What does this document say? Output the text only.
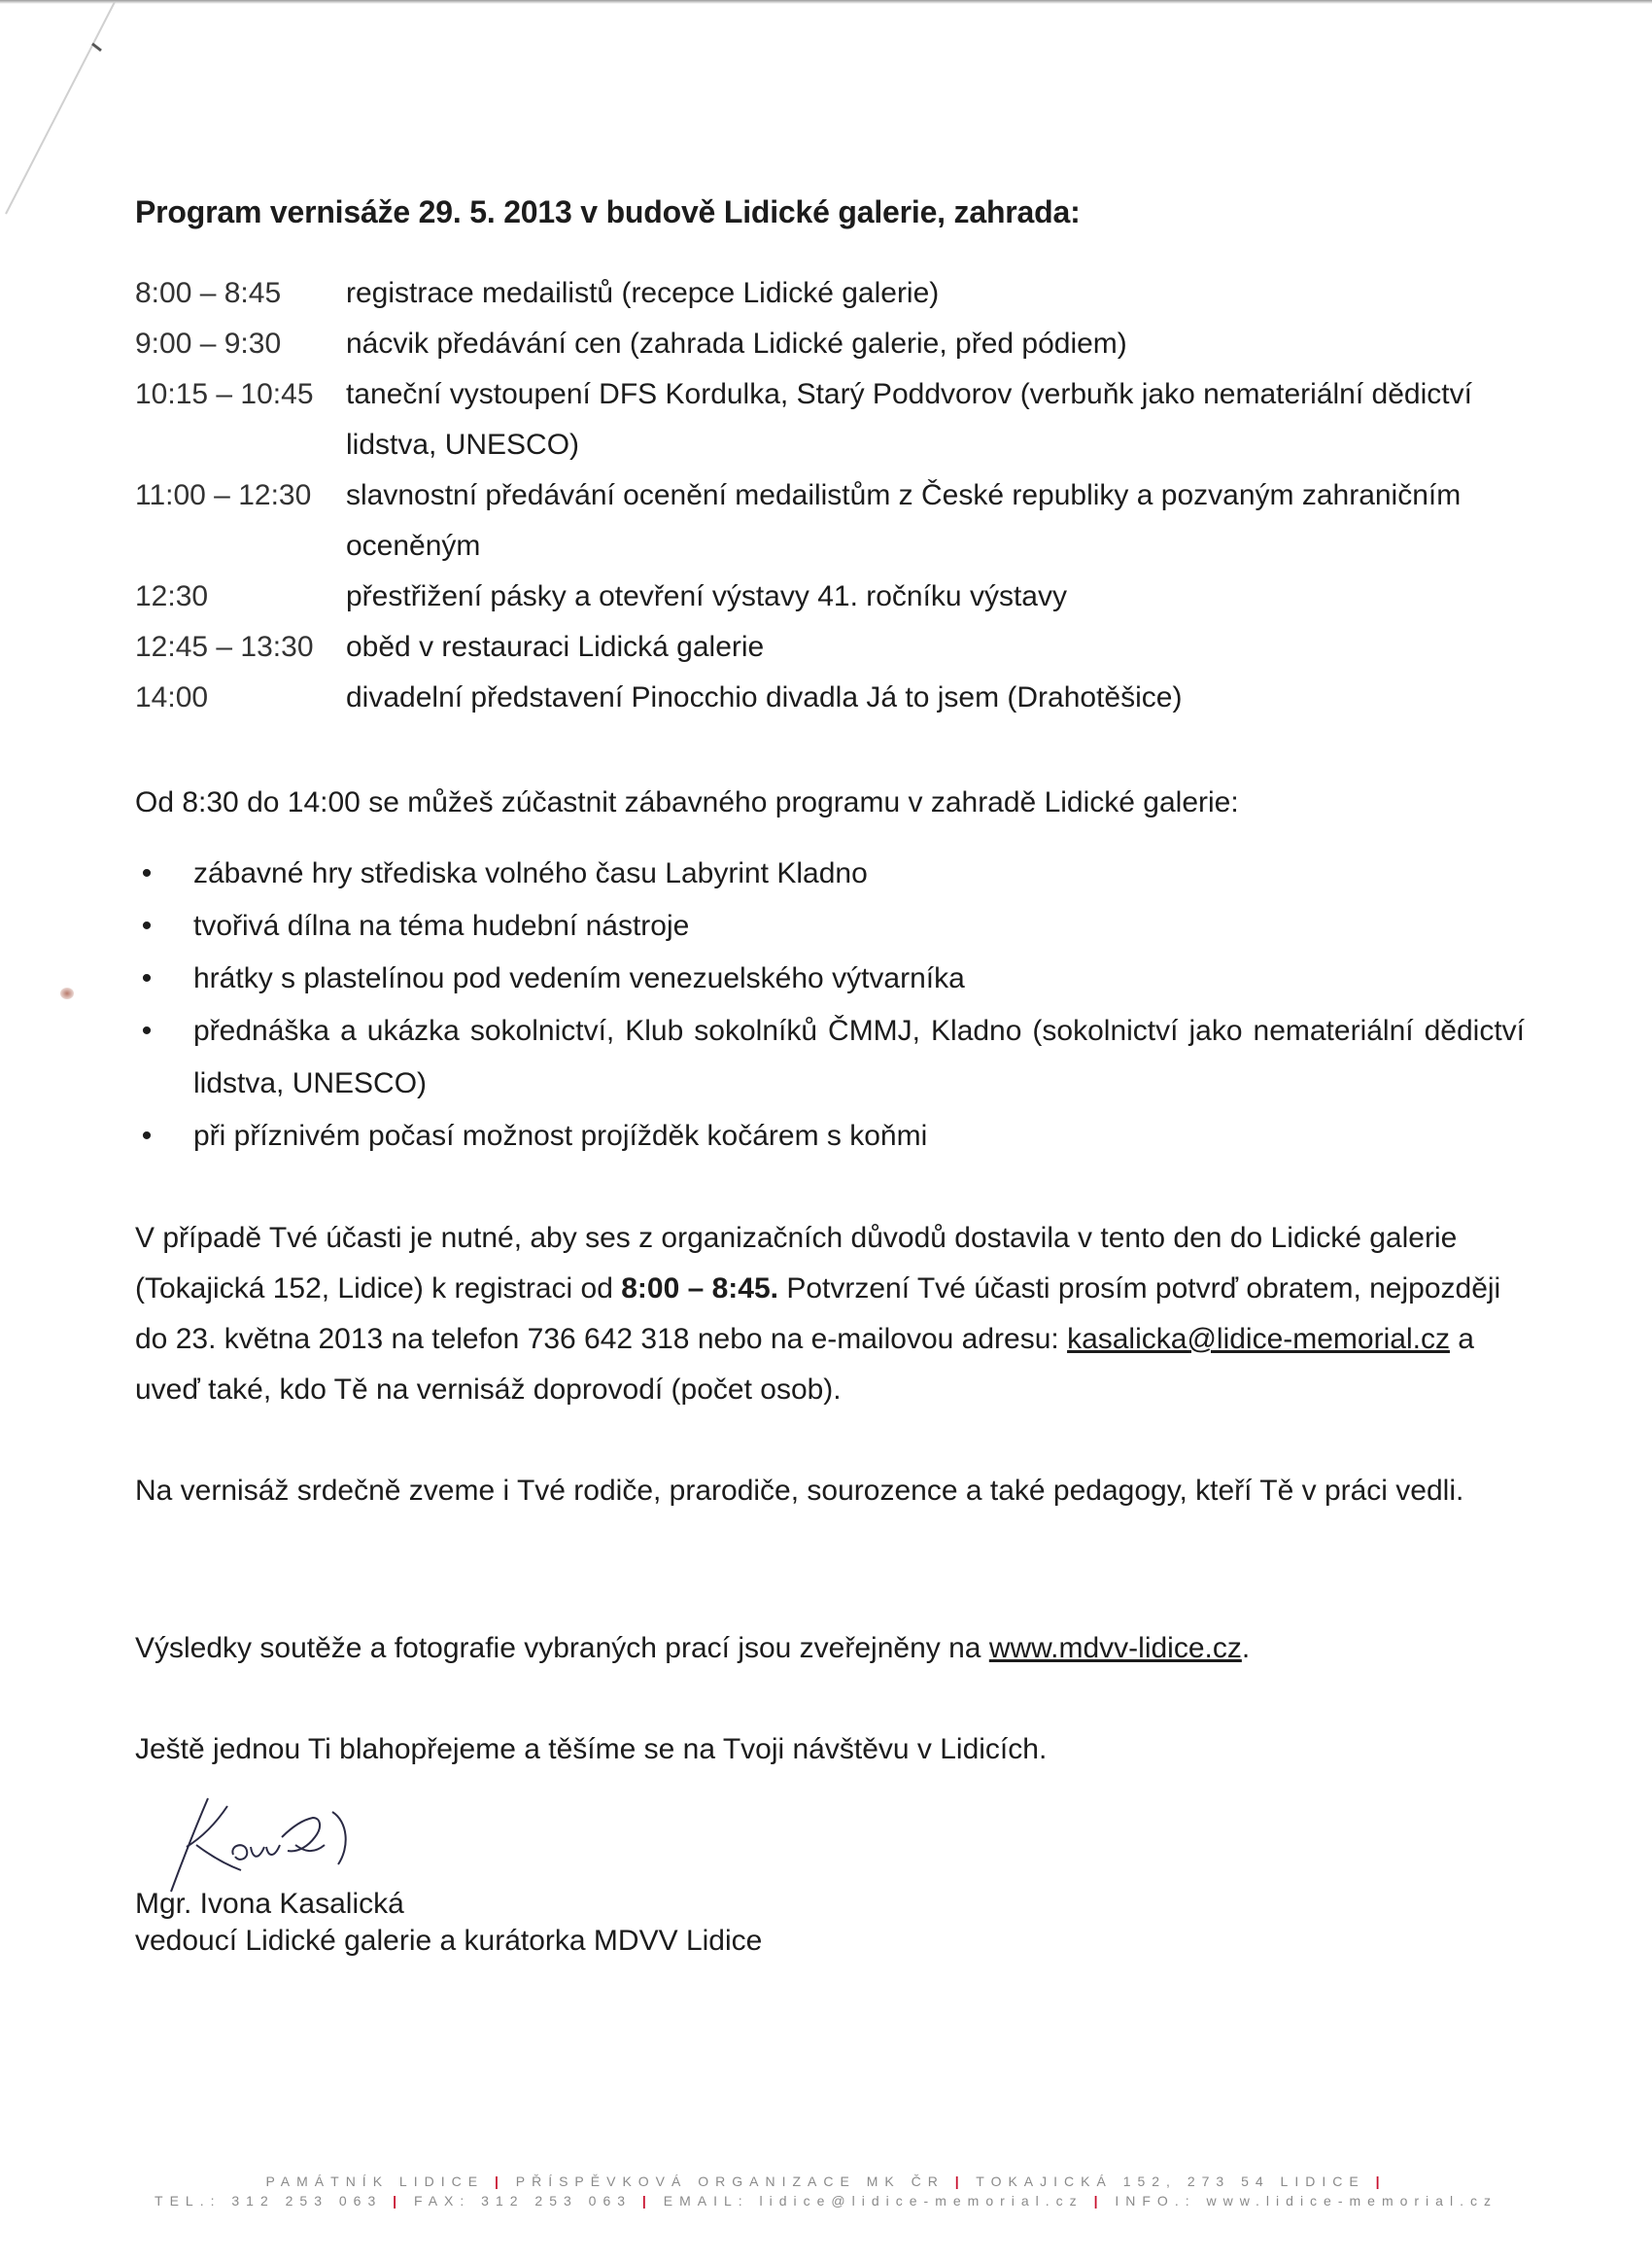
Program vernisáže 29. 5. 2013 v budově Lidické galerie, zahrada:
8:00 – 8:45	registrace medailistů (recepce Lidické galerie)
9:00 – 9:30	nácvik předávání cen (zahrada Lidické galerie, před pódiem)
10:15 – 10:45	taneční vystoupení DFS Kordulka, Starý Poddvorov (verbuňk jako nemateriální dědictví lidstva, UNESCO)
11:00 – 12:30	slavnostní předávání ocenění medailistům z České republiky a pozvaným zahraničním oceněným
12:30	přestřižení pásky a otevření výstavy 41. ročníku výstavy
12:45 – 13:30	oběd v restauraci Lidická galerie
14:00	divadelní představení Pinocchio divadla Já to jsem (Drahotěšice)
Od 8:30 do 14:00 se můžeš zúčastnit zábavného programu v zahradě Lidické galerie:
• zábavné hry střediska volného času Labyrint Kladno
• tvořivá dílna na téma hudební nástroje
• hrátky s plastelínou pod vedením venezuelského výtvarníka
• přednáška a ukázka sokolnictví, Klub sokolníků ČMMJ, Kladno (sokolnictví jako nemateriální dědictví lidstva, UNESCO)
• při příznivém počasí možnost projížděk kočárem s koňmi
V případě Tvé účasti je nutné, aby ses z organizačních důvodů dostavila v tento den do Lidické galerie (Tokajická 152, Lidice) k registraci od 8:00 – 8:45. Potvrzení Tvé účasti prosím potvrď obratem, nejpozději do 23. května 2013 na telefon 736 642 318 nebo na e-mailovou adresu: kasalicka@lidice-memorial.cz a uveď také, kdo Tě na vernisáž doprovodí (počet osob).
Na vernisáž srdečně zveme i Tvé rodiče, prarodiče, sourozence a také pedagogy, kteří Tě v práci vedli.
Výsledky soutěže a fotografie vybraných prací jsou zveřejněny na www.mdvv-lidice.cz.
Ještě jednou Ti blahopřejeme a těšíme se na Tvoji návštěvu v Lidicích.
Mgr. Ivona Kasalická
vedoucí Lidické galerie a kurátorka MDVV Lidice
PAMÁTNÍK LIDICE | PŘÍSPĚVKOVÁ ORGANIZACE MK ČR | TOKAJICKÁ 152, 273 54 LIDICE |
TEL.: 312 253 063 | FAX: 312 253 063 | EMAIL: lidice@lidice-memorial.cz | INFO.: www.lidice-memorial.cz
